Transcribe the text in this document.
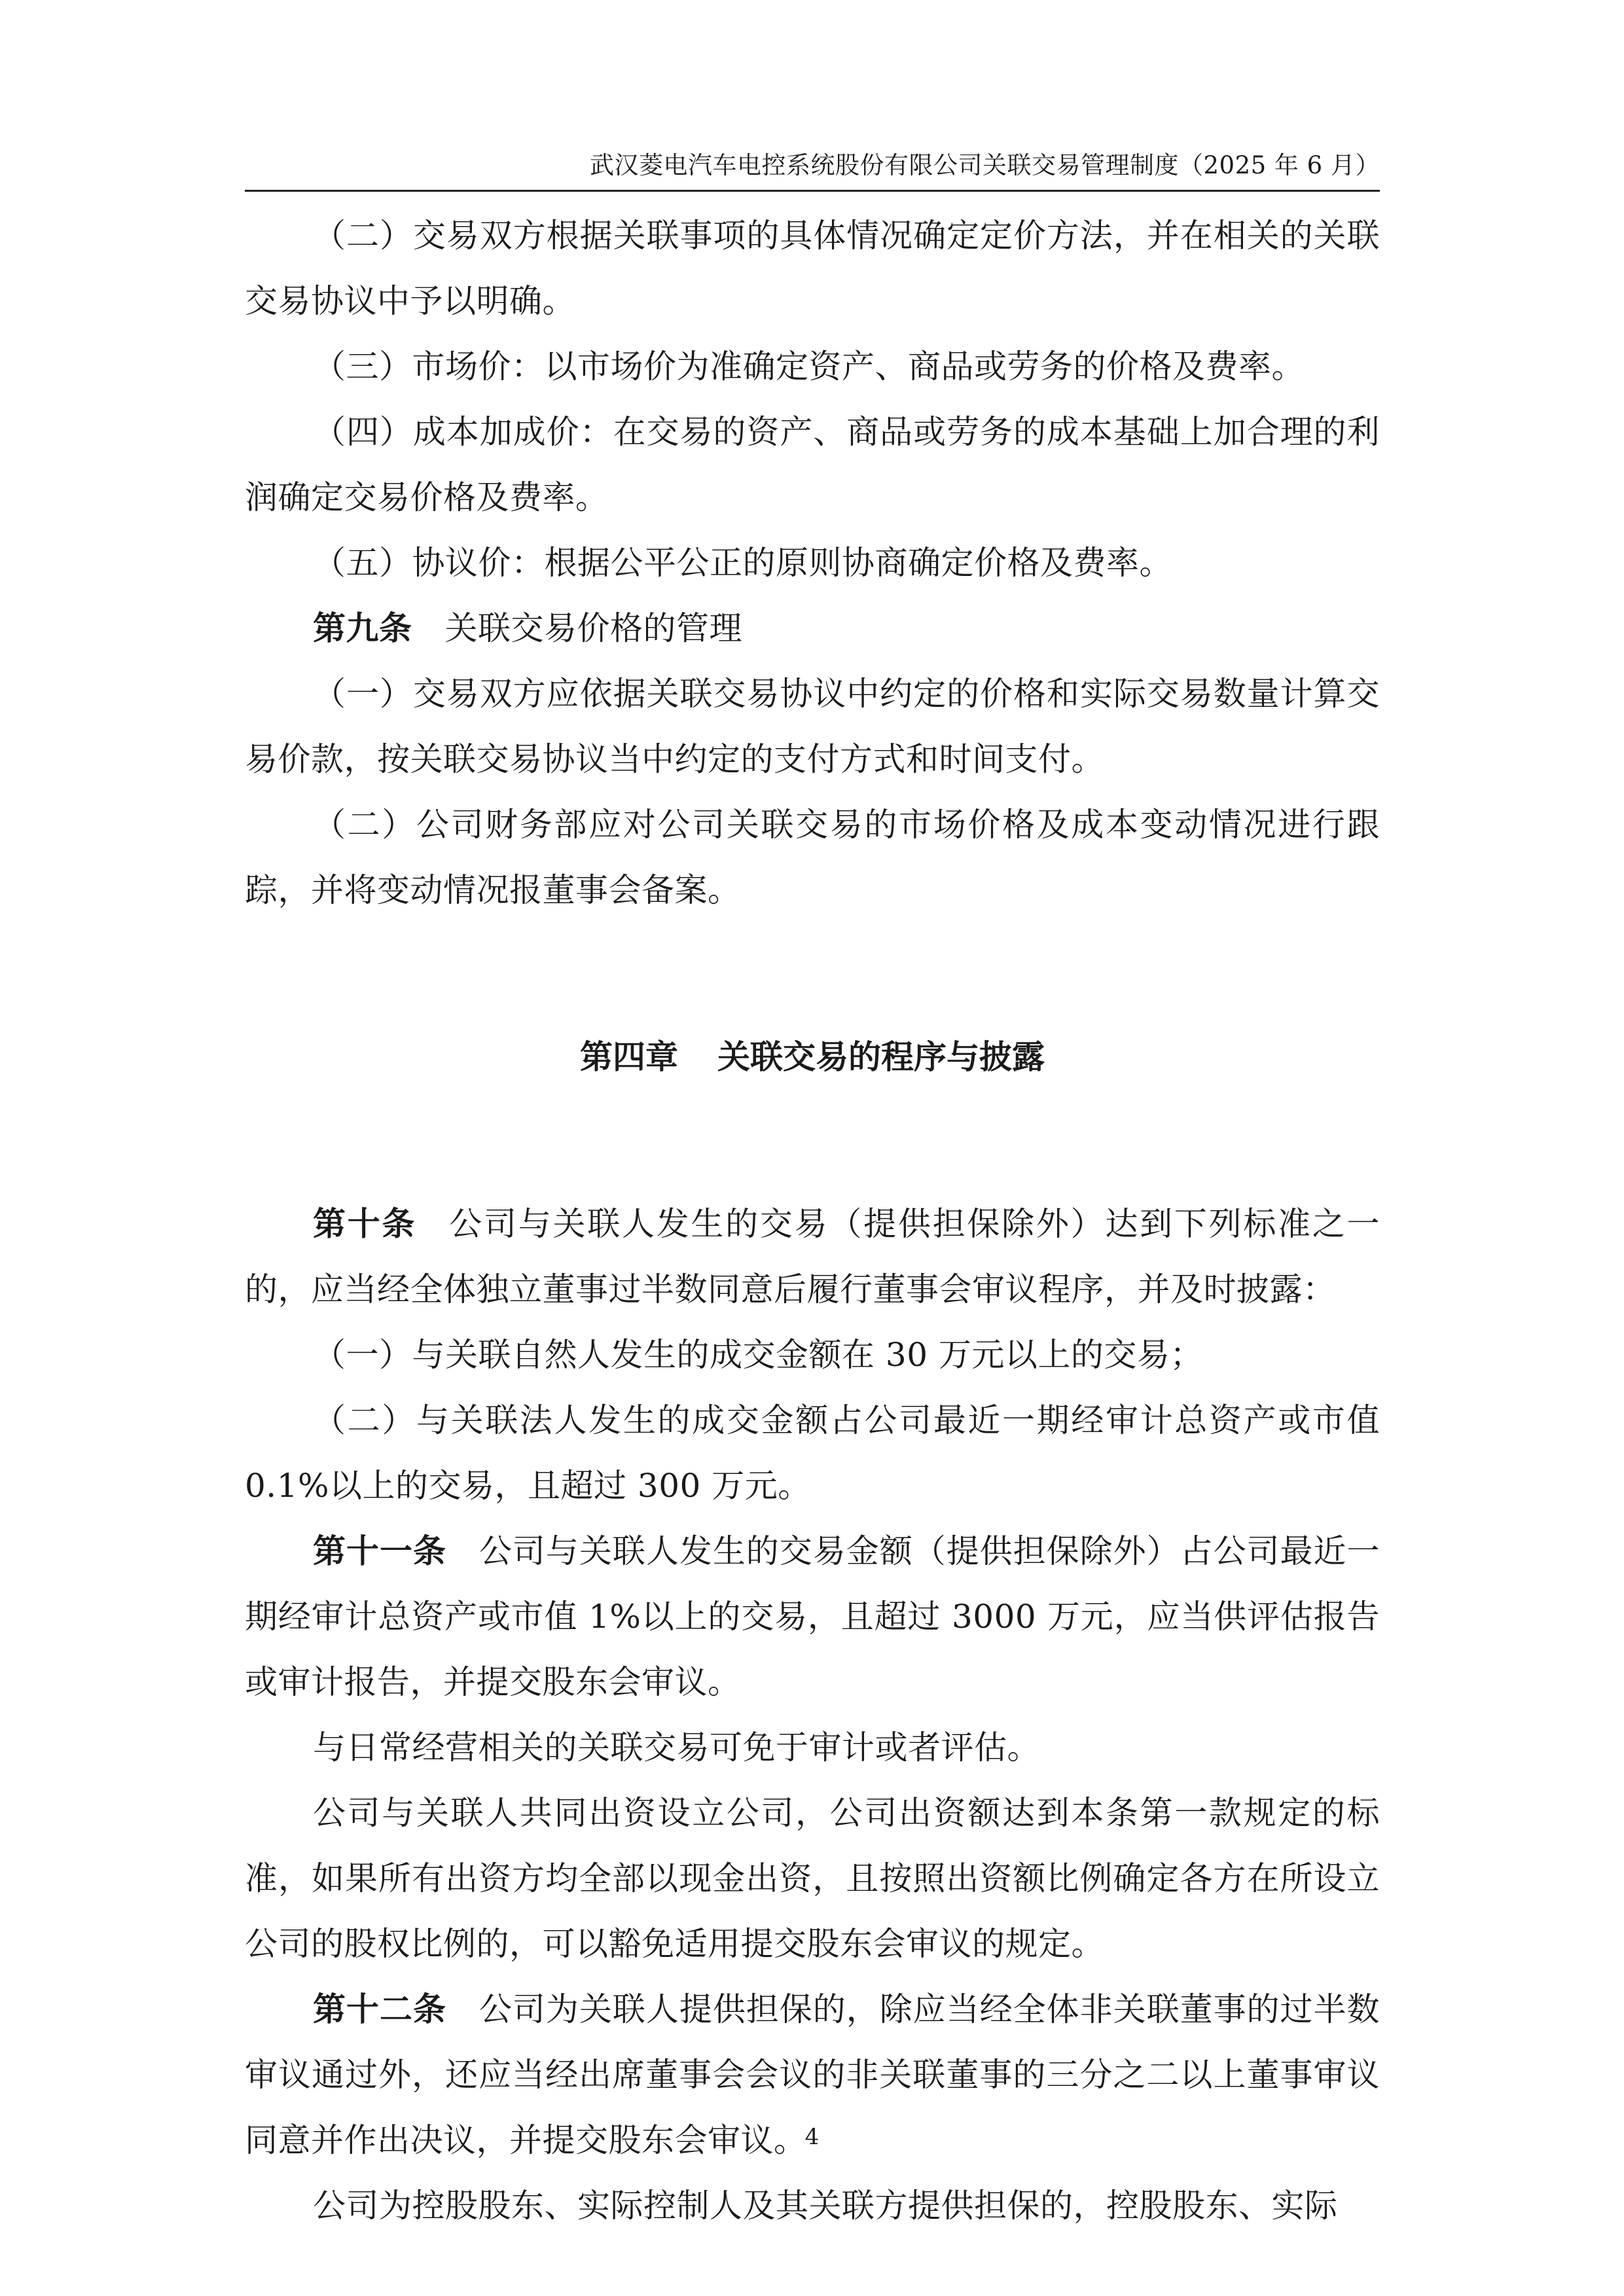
武汉菱电汽车电控系统股份有限公司关联交易管理制度（2025 年 6 月）

（二）交易双方根据关联事项的具体情况确定定价方法，并在相关的关联交易协议中予以明确。

（三）市场价：以市场价为准确定资产、商品或劳务的价格及费率。

（四）成本加成价：在交易的资产、商品或劳务的成本基础上加合理的利润确定交易价格及费率。

（五）协议价：根据公平公正的原则协商确定价格及费率。

第九条 关联交易价格的管理

（一）交易双方应依据关联交易协议中约定的价格和实际交易数量计算交易价款，按关联交易协议当中约定的支付方式和时间支付。

（二）公司财务部应对公司关联交易的市场价格及成本变动情况进行跟踪，并将变动情况报董事会备案。

第四章 关联交易的程序与披露

第十条 公司与关联人发生的交易（提供担保除外）达到下列标准之一的，应当经全体独立董事过半数同意后履行董事会审议程序，并及时披露：

（一）与关联自然人发生的成交金额在 30 万元以上的交易；

（二）与关联法人发生的成交金额占公司最近一期经审计总资产或市值 0.1%以上的交易，且超过 300 万元。

第十一条 公司与关联人发生的交易金额（提供担保除外）占公司最近一期经审计总资产或市值 1%以上的交易，且超过 3000 万元，应当供评估报告或审计报告，并提交股东会审议。

与日常经营相关的关联交易可免于审计或者评估。

公司与关联人共同出资设立公司，公司出资额达到本条第一款规定的标准，如果所有出资方均全部以现金出资，且按照出资额比例确定各方在所设立公司的股权比例的，可以豁免适用提交股东会审议的规定。

第十二条 公司为关联人提供担保的，除应当经全体非关联董事的过半数审议通过外，还应当经出席董事会会议的非关联董事的三分之二以上董事审议同意并作出决议，并提交股东会审议。

公司为控股股东、实际控制人及其关联方提供担保的，控股股东、实际

4
